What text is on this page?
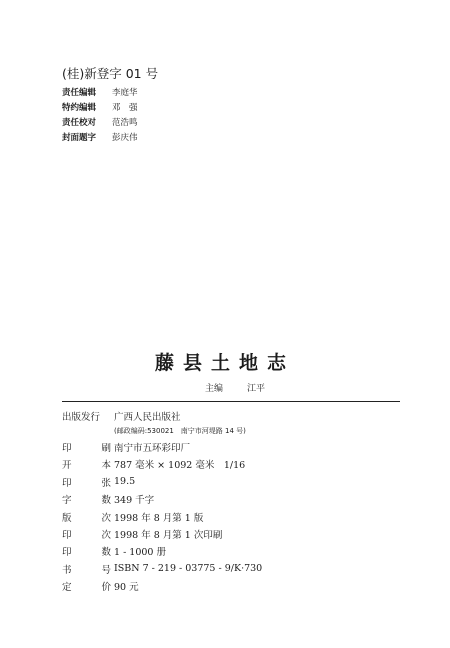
(桂)新登字 01 号
责任编辑	李庭华
特约编辑	邓　强
责任校对	范浩鸣
封面题字	彭庆伟
藤县土地志
主编	江平
出版发行	广西人民出版社
(邮政编码:530021　南宁市河堤路 14 号)
印	刷 南宁市五环彩印厂
开	本 787 毫米 × 1092 毫米　1/16
印	张 19.5
字	数 349 千字
版	次 1998 年 8 月第 1 版
印	次 1998 年 8 月第 1 次印刷
印	数 1 - 1000 册
书	号 ISBN 7 - 219 - 03775 - 9/K·730
定	价 90 元
